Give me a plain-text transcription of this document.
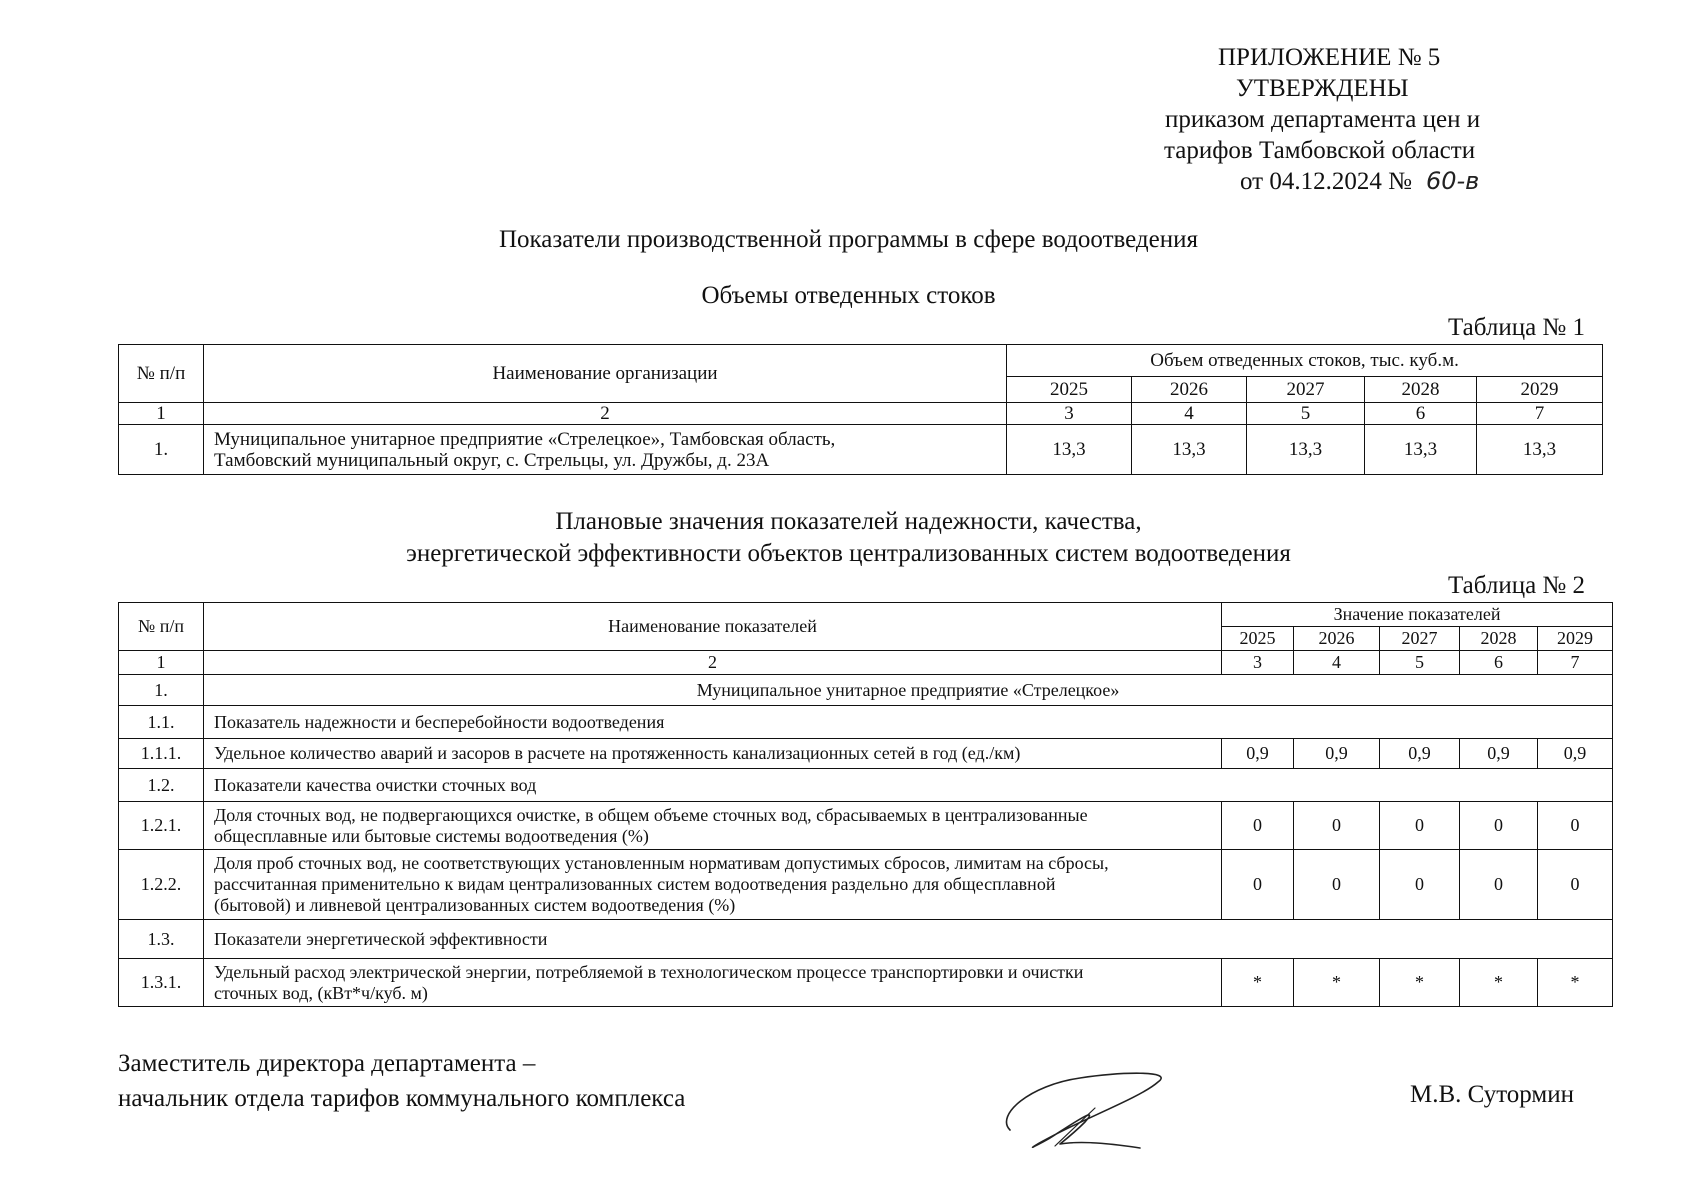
ПРИЛОЖЕНИЕ № 5
УТВЕРЖДЕНЫ
приказом департамента цен и
тарифов Тамбовской области
от 04.12.2024 № 60-в
Показатели производственной программы в сфере водоотведения
Объемы отведенных стоков
Таблица № 1
№ п/п	Наименование организации	Объем отведенных стоков, тыс. куб.м.				
		2025	2026	2027	2028	2029
1	2	3	4	5	6	7
1.	Муниципальное унитарное предприятие «Стрелецкое», Тамбовская область,
Тамбовский муниципальный округ, с. Стрельцы, ул. Дружбы, д. 23А	13,3	13,3	13,3	13,3	13,3
Плановые значения показателей надежности, качества,
энергетической эффективности объектов централизованных систем водоотведения
Таблица № 2
№ п/п	Наименование показателей	Значение показателей				
		2025	2026	2027	2028	2029
1	2	3	4	5	6	7
1.	Муниципальное унитарное предприятие «Стрелецкое»					
1.1.	Показатель надежности и бесперебойности водоотведения					
1.1.1.	Удельное количество аварий и засоров в расчете на протяженность канализационных сетей в год (ед./км)	0,9	0,9	0,9	0,9	0,9
1.2.	Показатели качества очистки сточных вод					
1.2.1.	Доля сточных вод, не подвергающихся очистке, в общем объеме сточных вод, сбрасываемых в централизованные
общесплавные или бытовые системы водоотведения (%)	0	0	0	0	0
1.2.2.	Доля проб сточных вод, не соответствующих установленным нормативам допустимых сбросов, лимитам на сбросы,
рассчитанная применительно к видам централизованных систем водоотведения раздельно для общесплавной
(бытовой) и ливневой централизованных систем водоотведения (%)	0	0	0	0	0
1.3.	Показатели энергетической эффективности					
1.3.1.	Удельный расход электрической энергии, потребляемой в технологическом процессе транспортировки и очистки
сточных вод, (кВт*ч/куб. м)	*	*	*	*	*
Заместитель директора департамента –
начальник отдела тарифов коммунального комплекса	М.В. Сутормин
